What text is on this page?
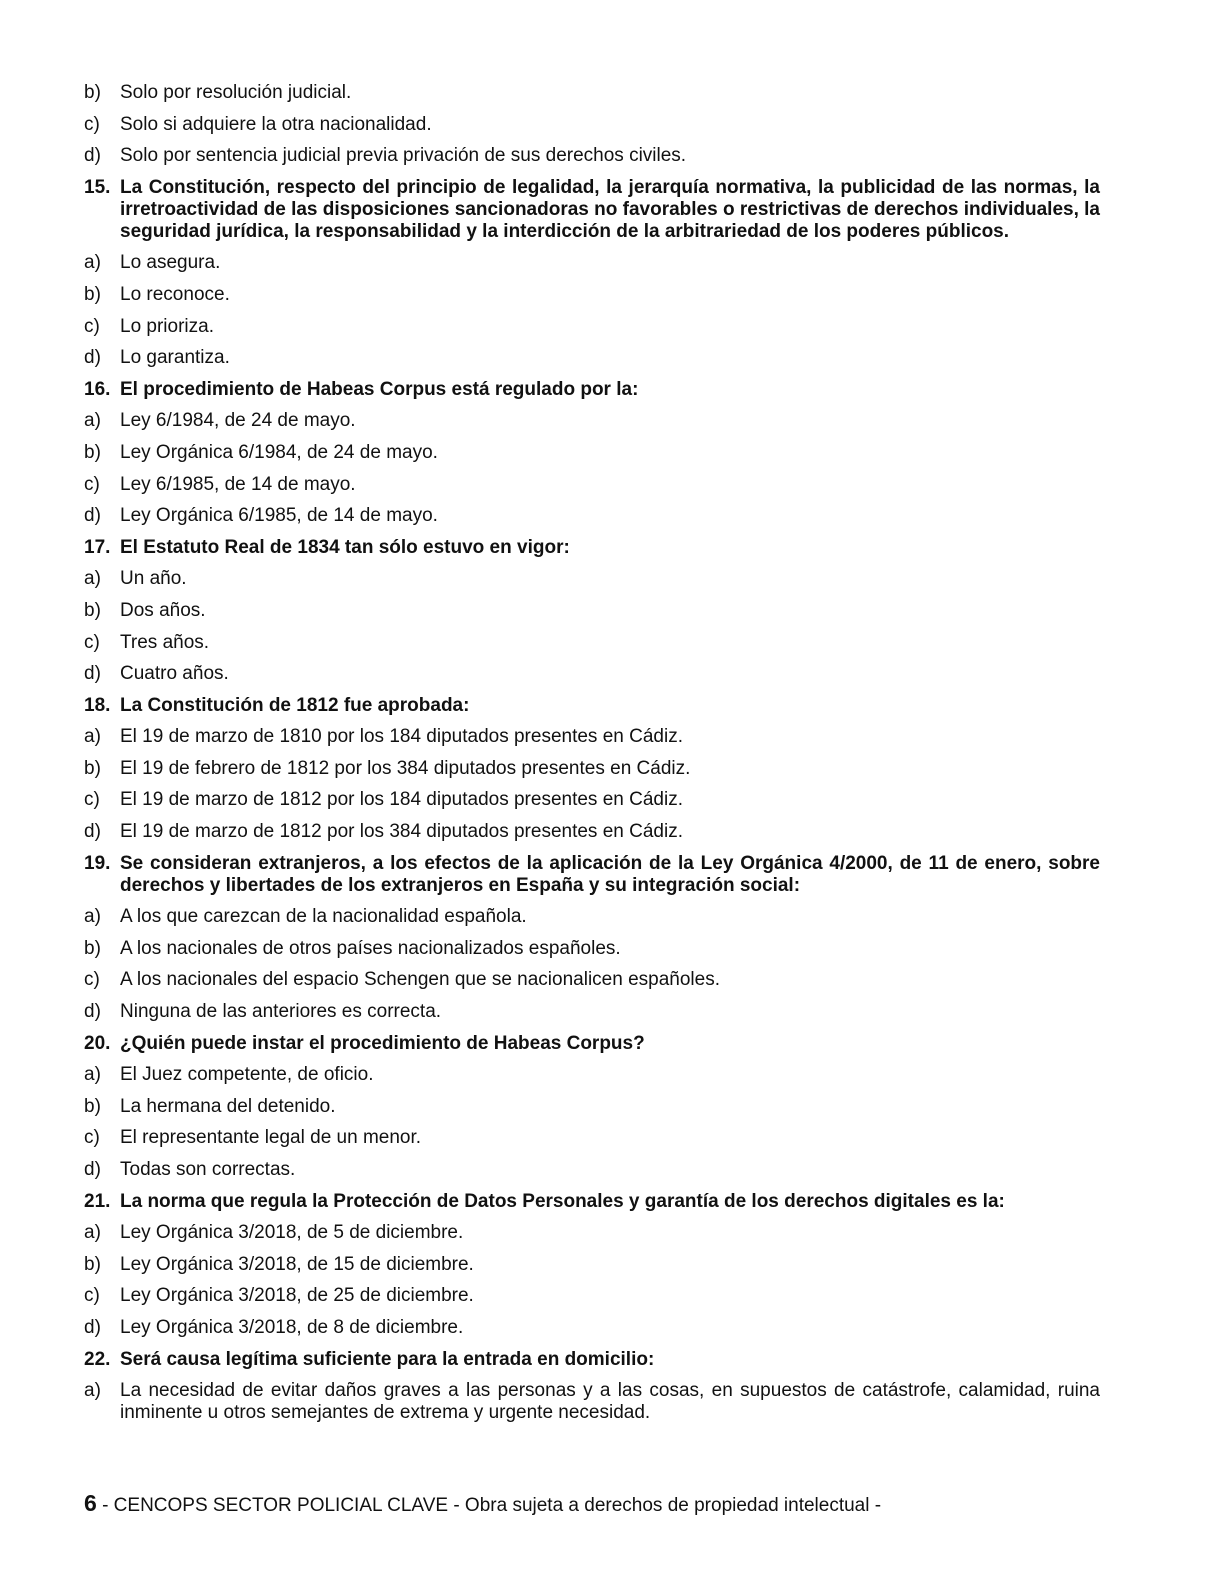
b)	Solo por resolución judicial.
c)	Solo si adquiere la otra nacionalidad.
d)	Solo por sentencia judicial previa privación de sus derechos civiles.
15. La Constitución, respecto del principio de legalidad, la jerarquía normativa, la publicidad de las normas, la irretroactividad de las disposiciones sancionadoras no favorables o restrictivas de derechos individuales, la seguridad jurídica, la responsabilidad y la interdicción de la arbitrariedad de los poderes públicos.
a)	Lo asegura.
b)	Lo reconoce.
c)	Lo prioriza.
d)	Lo garantiza.
16. El procedimiento de Habeas Corpus está regulado por la:
a)	Ley 6/1984, de 24 de mayo.
b)	Ley Orgánica 6/1984, de 24 de mayo.
c)	Ley 6/1985, de 14 de mayo.
d)	Ley Orgánica 6/1985, de 14 de mayo.
17. El Estatuto Real de 1834 tan sólo estuvo en vigor:
a)	Un año.
b)	Dos años.
c)	Tres años.
d)	Cuatro años.
18. La Constitución de 1812 fue aprobada:
a)	El 19 de marzo de 1810 por los 184 diputados presentes en Cádiz.
b)	El 19 de febrero de 1812 por los 384 diputados presentes en Cádiz.
c)	El 19 de marzo de 1812 por los 184 diputados presentes en Cádiz.
d)	El 19 de marzo de 1812 por los 384 diputados presentes en Cádiz.
19. Se consideran extranjeros, a los efectos de la aplicación de la Ley Orgánica 4/2000, de 11 de enero, sobre derechos y libertades de los extranjeros en España y su integración social:
a)	A los que carezcan de la nacionalidad española.
b)	A los nacionales de otros países nacionalizados españoles.
c)	A los nacionales del espacio Schengen que se nacionalicen españoles.
d)	Ninguna de las anteriores es correcta.
20. ¿Quién puede instar el procedimiento de Habeas Corpus?
a)	El Juez competente, de oficio.
b)	La hermana del detenido.
c)	El representante legal de un menor.
d)	Todas son correctas.
21. La norma que regula la Protección de Datos Personales y garantía de los derechos digitales es la:
a)	Ley Orgánica 3/2018, de 5 de diciembre.
b)	Ley Orgánica 3/2018, de 15 de diciembre.
c)	Ley Orgánica 3/2018, de 25 de diciembre.
d)	Ley Orgánica 3/2018, de 8 de diciembre.
22. Será causa legítima suficiente para la entrada en domicilio:
a)	La necesidad de evitar daños graves a las personas y a las cosas, en supuestos de catástrofe, calamidad, ruina inminente u otros semejantes de extrema y urgente necesidad.
6 - CENCOPS SECTOR POLICIAL CLAVE - Obra sujeta a derechos de propiedad intelectual -
